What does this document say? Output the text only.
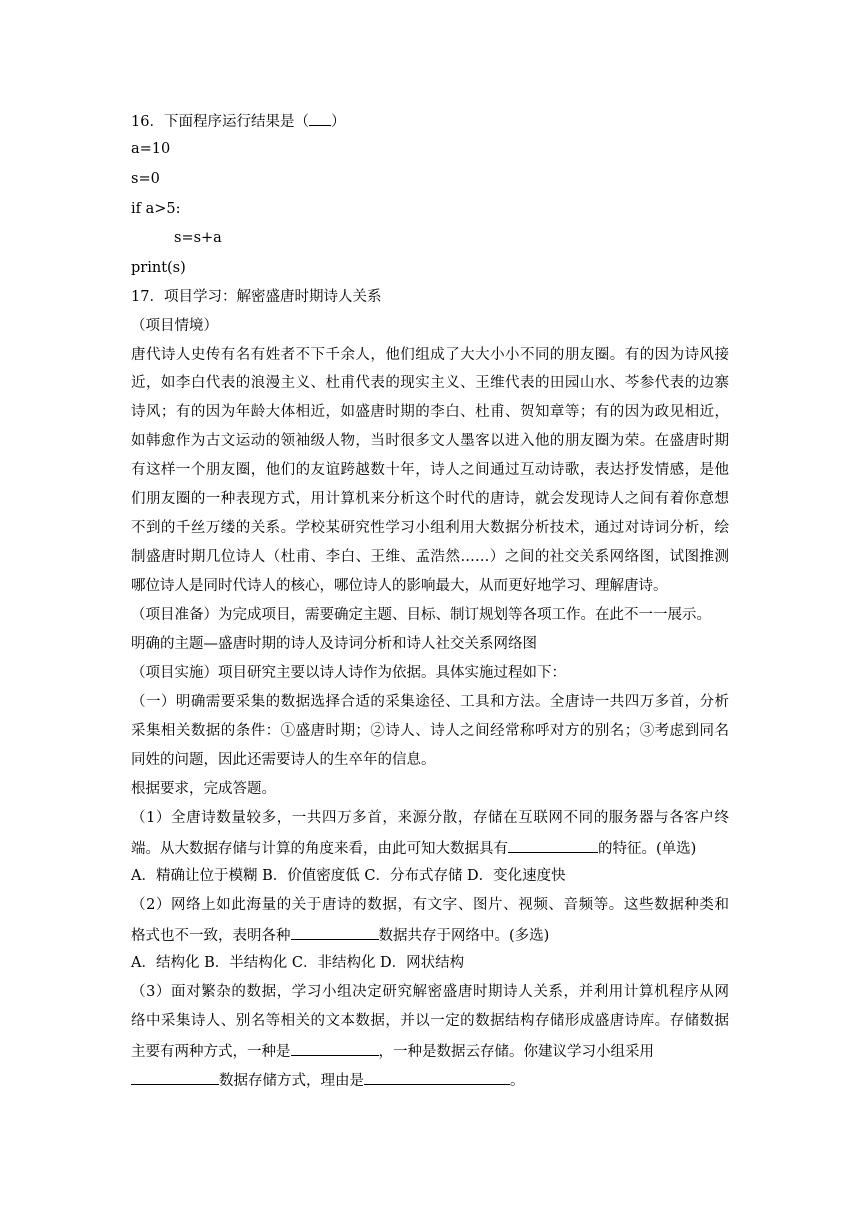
16．下面程序运行结果是（ ）
a=10
s=0
if a>5:
s=s+a
print(s)
17．项目学习：解密盛唐时期诗人关系
（项目情境）
唐代诗人史传有名有姓者不下千余人，他们组成了大大小小不同的朋友圈。有的因为诗风接
近，如李白代表的浪漫主义、杜甫代表的现实主义、王维代表的田园山水、芩参代表的边寨
诗风；有的因为年龄大体相近，如盛唐时期的李白、杜甫、贺知章等；有的因为政见相近，
如韩愈作为古文运动的领袖级人物，当时很多文人墨客以进入他的朋友圈为荣。在盛唐时期
有这样一个朋友圈，他们的友谊跨越数十年，诗人之间通过互动诗歌，表达抒发情感，是他
们朋友圈的一种表现方式，用计算机来分析这个时代的唐诗，就会发现诗人之间有着你意想
不到的千丝万缕的关系。学校某研究性学习小组利用大数据分析技术，通过对诗词分析，绘
制盛唐时期几位诗人（杜甫、李白、王维、孟浩然……）之间的社交关系网络图，试图推测
哪位诗人是同时代诗人的核心，哪位诗人的影响最大，从而更好地学习、理解唐诗。
（项目准备）为完成项目，需要确定主题、目标、制订规划等各项工作。在此不一一展示。
明确的主题—盛唐时期的诗人及诗词分析和诗人社交关系网络图
（项目实施）项目研究主要以诗人诗作为依据。具体实施过程如下：
（一）明确需要采集的数据选择合适的采集途径、工具和方法。全唐诗一共四万多首，分析
采集相关数据的条件：①盛唐时期；②诗人、诗人之间经常称呼对方的别名；③考虑到同名
同姓的问题，因此还需要诗人的生卒年的信息。
根据要求，完成答题。
（1）全唐诗数量较多，一共四万多首，来源分散，存储在互联网不同的服务器与各客户终
端。从大数据存储与计算的角度来看，由此可知大数据具有	的特征。(单选)
A．精确让位于模糊 B．价值密度低 C．分布式存储 D．变化速度快
（2）网络上如此海量的关于唐诗的数据，有文字、图片、视频、音频等。这些数据种类和
格式也不一致，表明各种	数据共存于网络中。(多选)
A．结构化 B．半结构化 C．非结构化 D．网状结构
（3）面对繁杂的数据，学习小组决定研究解密盛唐时期诗人关系，并利用计算机程序从网
络中采集诗人、别名等相关的文本数据，并以一定的数据结构存储形成盛唐诗库。存储数据
主要有两种方式，一种是	，一种是数据云存储。你建议学习小组采用
数据存储方式，理由是	。
